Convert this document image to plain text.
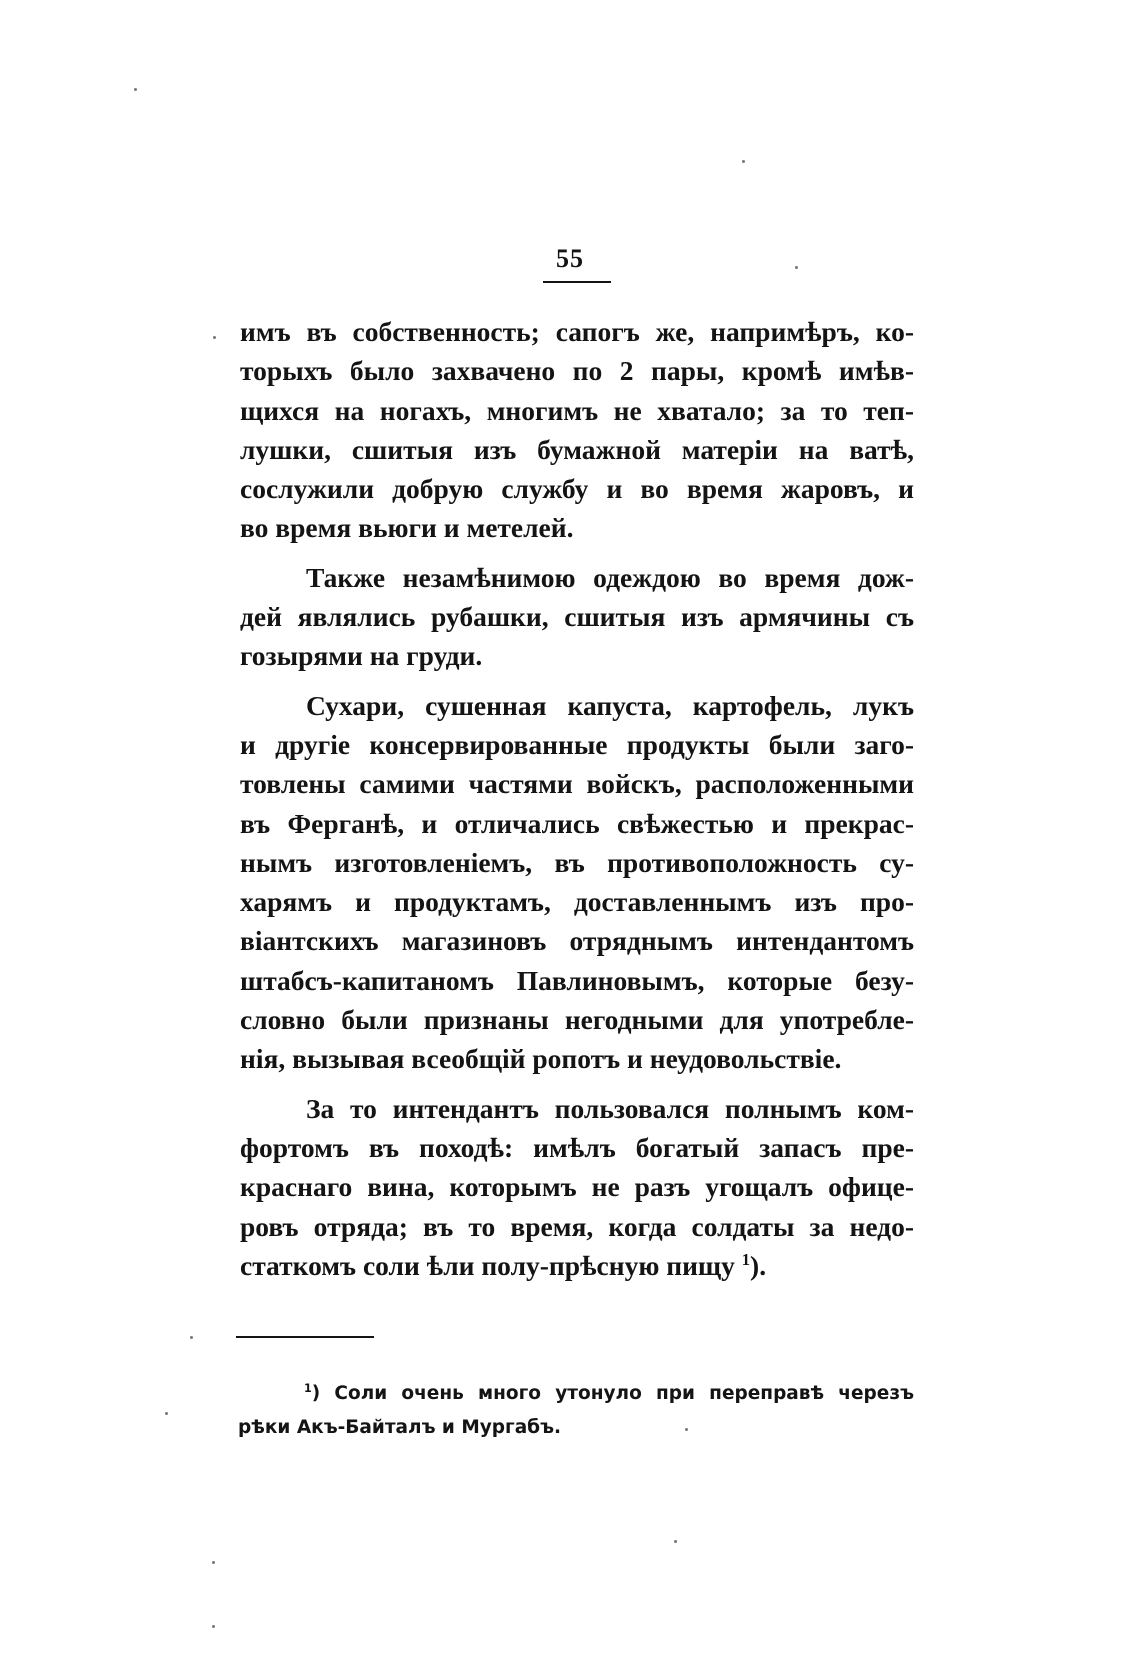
55
имъ въ собственность; сапогъ же, напримѣръ, ко-
торыхъ было захвачено по 2 пары, кромѣ имѣв-
щихся на ногахъ, многимъ не хватало; за то теп-
лушки, сшитыя изъ бумажной матеріи на ватѣ,
сослужили добрую службу и во время жаровъ, и
во время вьюги и метелей.
Также незамѣнимою одеждою во время дож-
дей являлись рубашки, сшитыя изъ армячины съ
гозырями на груди.
Сухари, сушенная капуста, картофель, лукъ
и другіе консервированные продукты были заго-
товлены самими частями войскъ, расположенными
въ Ферганѣ, и отличались свѣжестью и прекрас-
нымъ изготовленіемъ, въ противоположность су-
харямъ и продуктамъ, доставленнымъ изъ про-
віантскихъ магазиновъ отряднымъ интендантомъ
штабсъ-капитаномъ Павлиновымъ, которые безу-
словно были признаны негодными для употребле-
нія, вызывая всеобщій ропотъ и неудовольствіе.
За то интендантъ пользовался полнымъ ком-
фортомъ въ походѣ: имѣлъ богатый запасъ пре-
краснаго вина, которымъ не разъ угощалъ офице-
ровъ отряда; въ то время, когда солдаты за недо-
статкомъ соли ѣли полу-прѣсную пищу $^1$).
$^1$) Соли очень много утонуло при переправѣ черезъ
рѣки Акъ-Байталъ и Мургабъ.
